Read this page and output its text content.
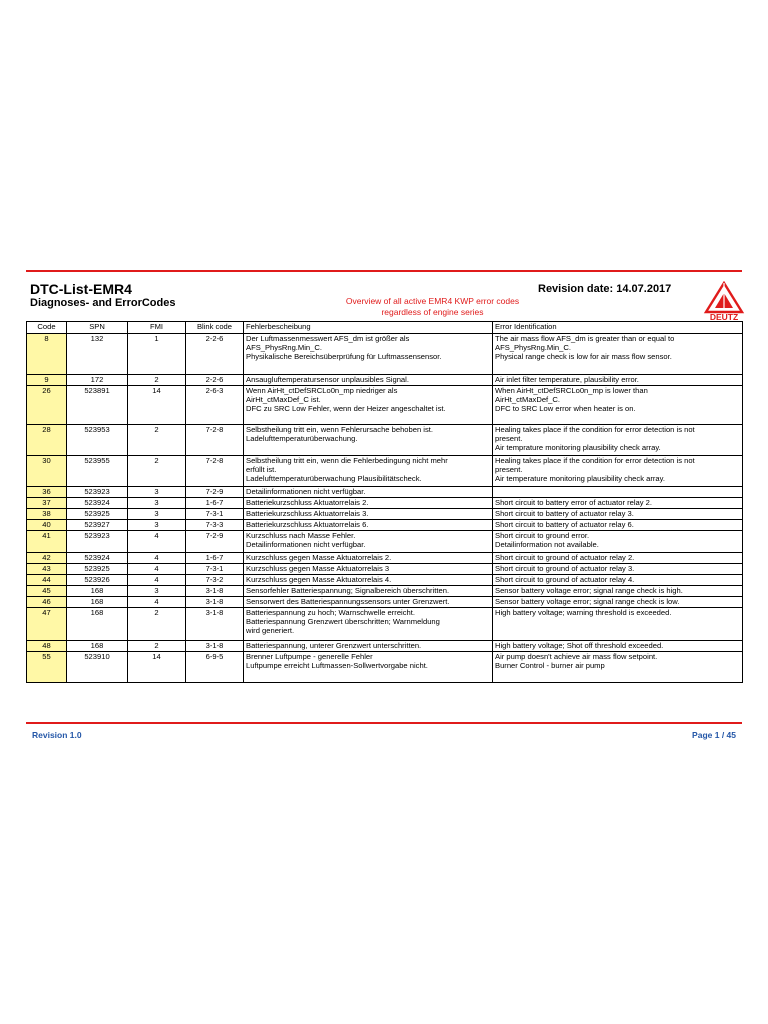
DTC-List-EMR4
Diagnoses- and ErrorCodes
Revision date: 14.07.2017
Overview of all active EMR4 KWP error codes
regardless of engine series	DEUTZ
Code	SPN	FMI	Blink code	Fehlerbescheibung	Error Identification
8	132	1	2-2-6	Der Luftmassenmesswert AFS_dm ist größer als
AFS_PhysRng.Min_C.
Physikalische Bereichsüberprüfung für Luftmassensensor.	The air mass flow AFS_dm is greater than or equal to
AFS_PhysRng.Min_C.
Physical range check is low for air mass flow sensor.
9	172	2	2-2-6	Ansaugluftemperatursensor unplausibles Signal.	Air inlet filter temperature, plausibility error.
26	523891	14	2-6-3	Wenn AirHt_ctDefSRCLo0n_mp niedriger als
AirHt_ctMaxDef_C ist.
DFC zu SRC Low Fehler, wenn der Heizer angeschaltet ist.	When AirHt_ctDefSRCLo0n_mp is lower than
AirHt_ctMaxDef_C.
DFC to SRC Low error when heater is on.
28	523953	2	7-2-8	Selbstheilung tritt ein, wenn Fehlerursache behoben ist.
Ladelufttemperaturüberwachung.	Healing takes place if the condition for error detection is not
present.
Air temprature monitoring plausibility check array.
30	523955	2	7-2-8	Selbstheilung tritt ein, wenn die Fehlerbedingung nicht mehr
erfüllt ist.
Ladelufttemperaturüberwachung Plausibilitätscheck.	Healing takes place if the condition for error detection is not
present.
Air temperature monitoring plausibility check array.
36	523923	3	7-2-9	Detailinformationen nicht verfügbar.	
37	523924	3	1-6-7	Batteriekurzschluss Aktuatorrelais 2.	Short circuit to battery error of actuator relay 2.
38	523925	3	7-3-1	Batteriekurzschluss Aktuatorrelais 3.	Short circuit to battery of actuator relay 3.
40	523927	3	7-3-3	Batteriekurzschluss Aktuatorrelais 6.	Short circuit to battery of actuator relay 6.
41	523923	4	7-2-9	Kurzschluss nach Masse Fehler.
Detailinformationen nicht verfügbar.	Short circuit to ground error.
Detailinformation not available.
42	523924	4	1-6-7	Kurzschluss gegen Masse Aktuatorrelais 2.	Short circuit to ground of actuator relay 2.
43	523925	4	7-3-1	Kurzschluss gegen Masse Aktuatorrelais 3	Short circuit to ground of actuator relay 3.
44	523926	4	7-3-2	Kurzschluss gegen Masse Aktuatorrelais 4.	Short circuit to ground of actuator relay 4.
45	168	3	3-1-8	Sensorfehler Batteriespannung; Signalbereich überschritten.	Sensor battery voltage error; signal range check is high.
46	168	4	3-1-8	Sensorwert des Batteriespannungssensors unter Grenzwert.	Sensor battery voltage error; signal range check is low.
47	168	2	3-1-8	Batteriespannung zu hoch; Warnschwelle erreicht.
Batteriespannung Grenzwert überschritten; Warnmeldung
wird generiert.	High battery voltage; warning threshold is exceeded.
48	168	2	3-1-8	Batteriespannung, unterer Grenzwert unterschritten.	High battery voltage; Shot off threshold exceeded.
55	523910	14	6-9-5	Brenner Luftpumpe - generelle Fehler
Luftpumpe erreicht Luftmassen-Sollwertvorgabe nicht.	Air pump doesn't achieve air mass flow setpoint.
Burner Control - burner air pump
Revision 1.0	Page 1 / 45
